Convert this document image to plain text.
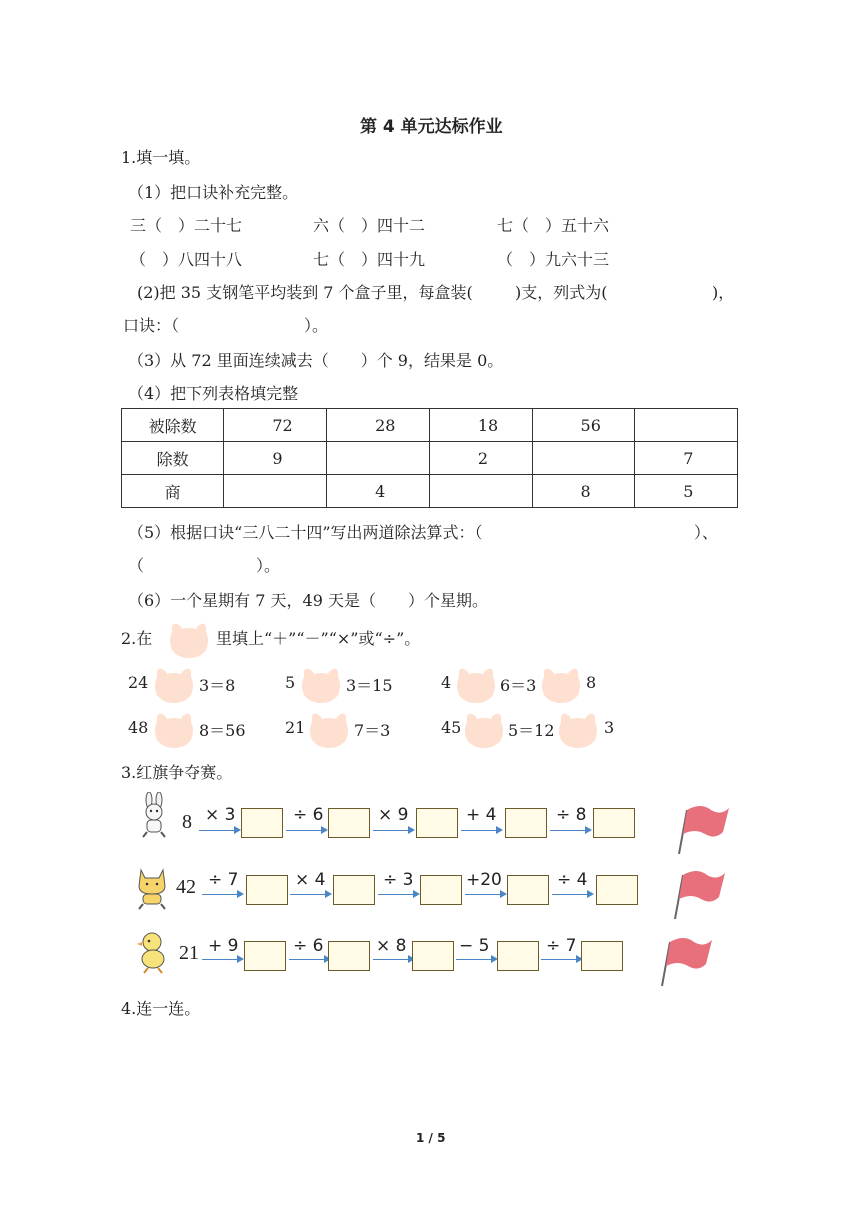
第 4 单元达标作业
1.填一填。
（1）把口诀补充完整。
三（　）二十七	六（　）四十二	七（　）五十六
（　）八四十八	七（　）四十九	（　）九六十三
(2)把 35 支钢笔平均装到 7 个盒子里，每盒装(	)支，列式为(	)，
口诀：（	）。
（3）从 72 里面连续减去（　　）个 9，结果是 0。
（4）把下列表格填完整
被除数	72	28	18	56	
除数	9		2		7
商		4		8	5
（5）根据口诀“三八二十四”写出两道除法算式：（	）、
（	）。
（6）一个星期有 7 天，49 天是（　　）个星期。
2.在	里填上“＋”“－”“×”或“÷”。
24	3＝8	5	3＝15	4	6＝3	8
48	8＝56 21	7＝3	45	5＝12	3
3.红旗争夺赛。
8 × 3	÷ 6	× 9	+ 4	÷ 8
42 ÷ 7	× 4	÷ 3	+20	÷ 4
21 + 9	÷ 6	× 8	− 5	÷ 7
4.连一连。
1 / 5
